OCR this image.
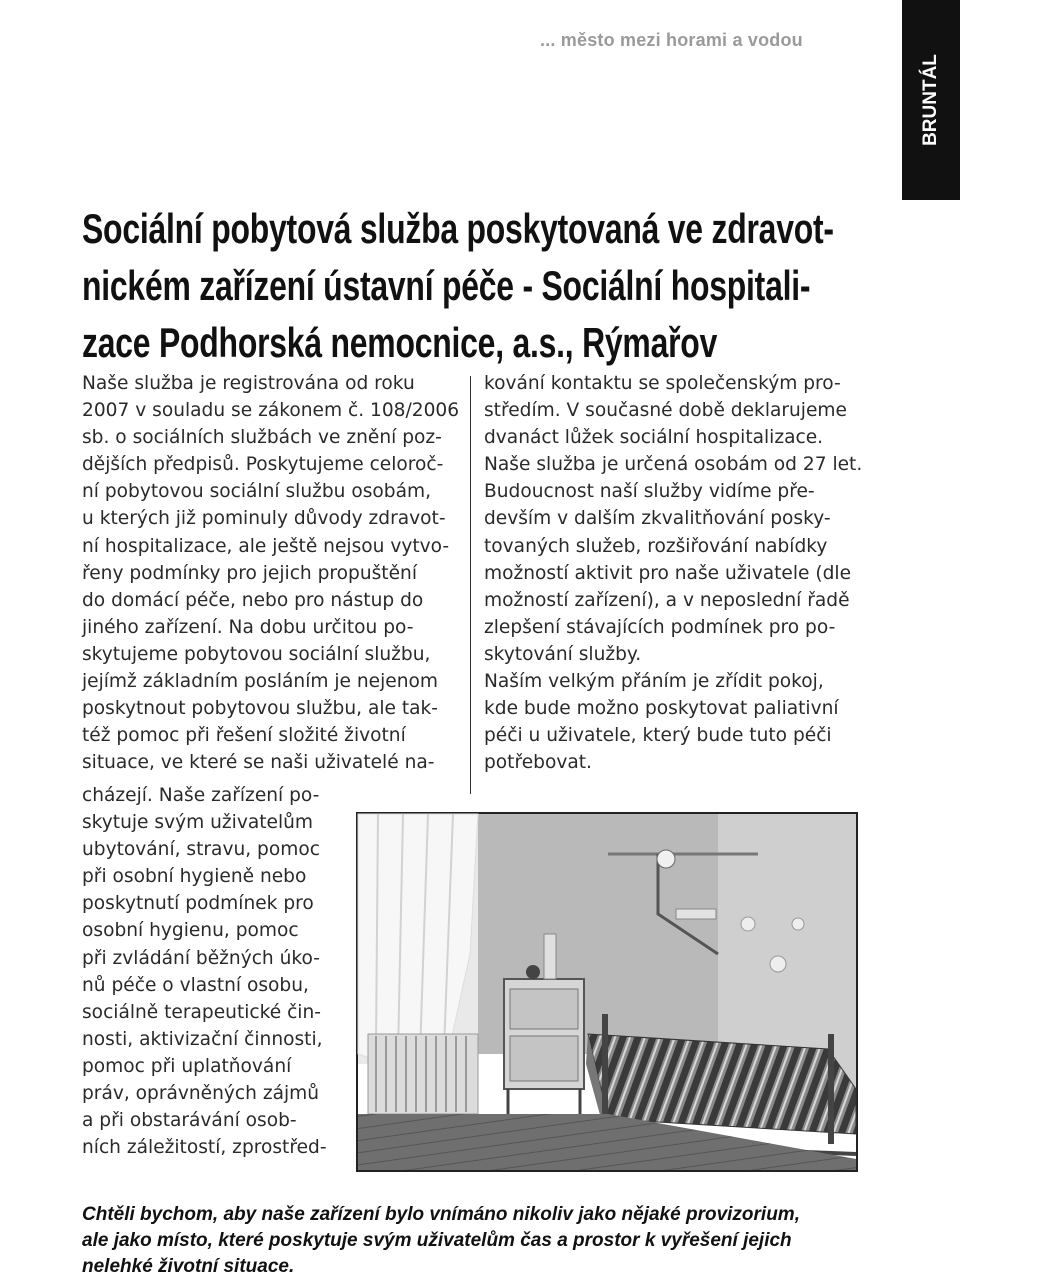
... město mezi horami a vodou
Město
BRUNTÁL
Sociální pobytová služba poskytovaná ve zdravot-
nickém zařízení ústavní péče - Sociální hospitali-
zace Podhorská nemocnice, a.s., Rýmařov
Naše služba je registrována od roku
2007 v souladu se zákonem č. 108/2006
sb. o sociálních službách ve znění poz-
dějších předpisů. Poskytujeme celoroč-
ní pobytovou sociální službu osobám,
u kterých již pominuly důvody zdravot-
ní hospitalizace, ale ještě nejsou vytvo-
řeny podmínky pro jejich propuštění
do domácí péče, nebo pro nástup do
jiného zařízení. Na dobu určitou po-
skytujeme pobytovou sociální službu,
jejímž základním posláním je nejenom
poskytnout pobytovou službu, ale tak-
též pomoc při řešení složité životní
situace, ve které se naši uživatelé na-
kování kontaktu se společenským pro-
středím. V současné době deklarujeme
dvanáct lůžek sociální hospitalizace.
Naše služba je určená osobám od 27 let.
Budoucnost naší služby vidíme pře-
devším v dalším zkvalitňování posky-
tovaných služeb, rozšiřování nabídky
možností aktivit pro naše uživatele (dle
možností zařízení), a v neposlední řadě
zlepšení stávajících podmínek pro po-
skytování služby.
Naším velkým přáním je zřídit pokoj,
kde bude možno poskytovat paliativní
péči u uživatele, který bude tuto péči
potřebovat.
cházejí. Naše zařízení po-
skytuje svým uživatelům
ubytování, stravu, pomoc
při osobní hygieně nebo
poskytnutí podmínek pro
osobní hygienu, pomoc
při zvládání běžných úko-
nů péče o vlastní osobu,
sociálně terapeutické čin-
nosti, aktivizační činnosti,
pomoc při uplatňování
práv, oprávněných zájmů
a při obstarávání osob-
ních záležitostí, zprostřed-
Chtěli bychom, aby naše zařízení bylo vnímáno nikoliv jako nějaké provizorium,
ale jako místo, které poskytuje svým uživatelům čas a prostor k vyřešení jejich
nelehké životní situace.
